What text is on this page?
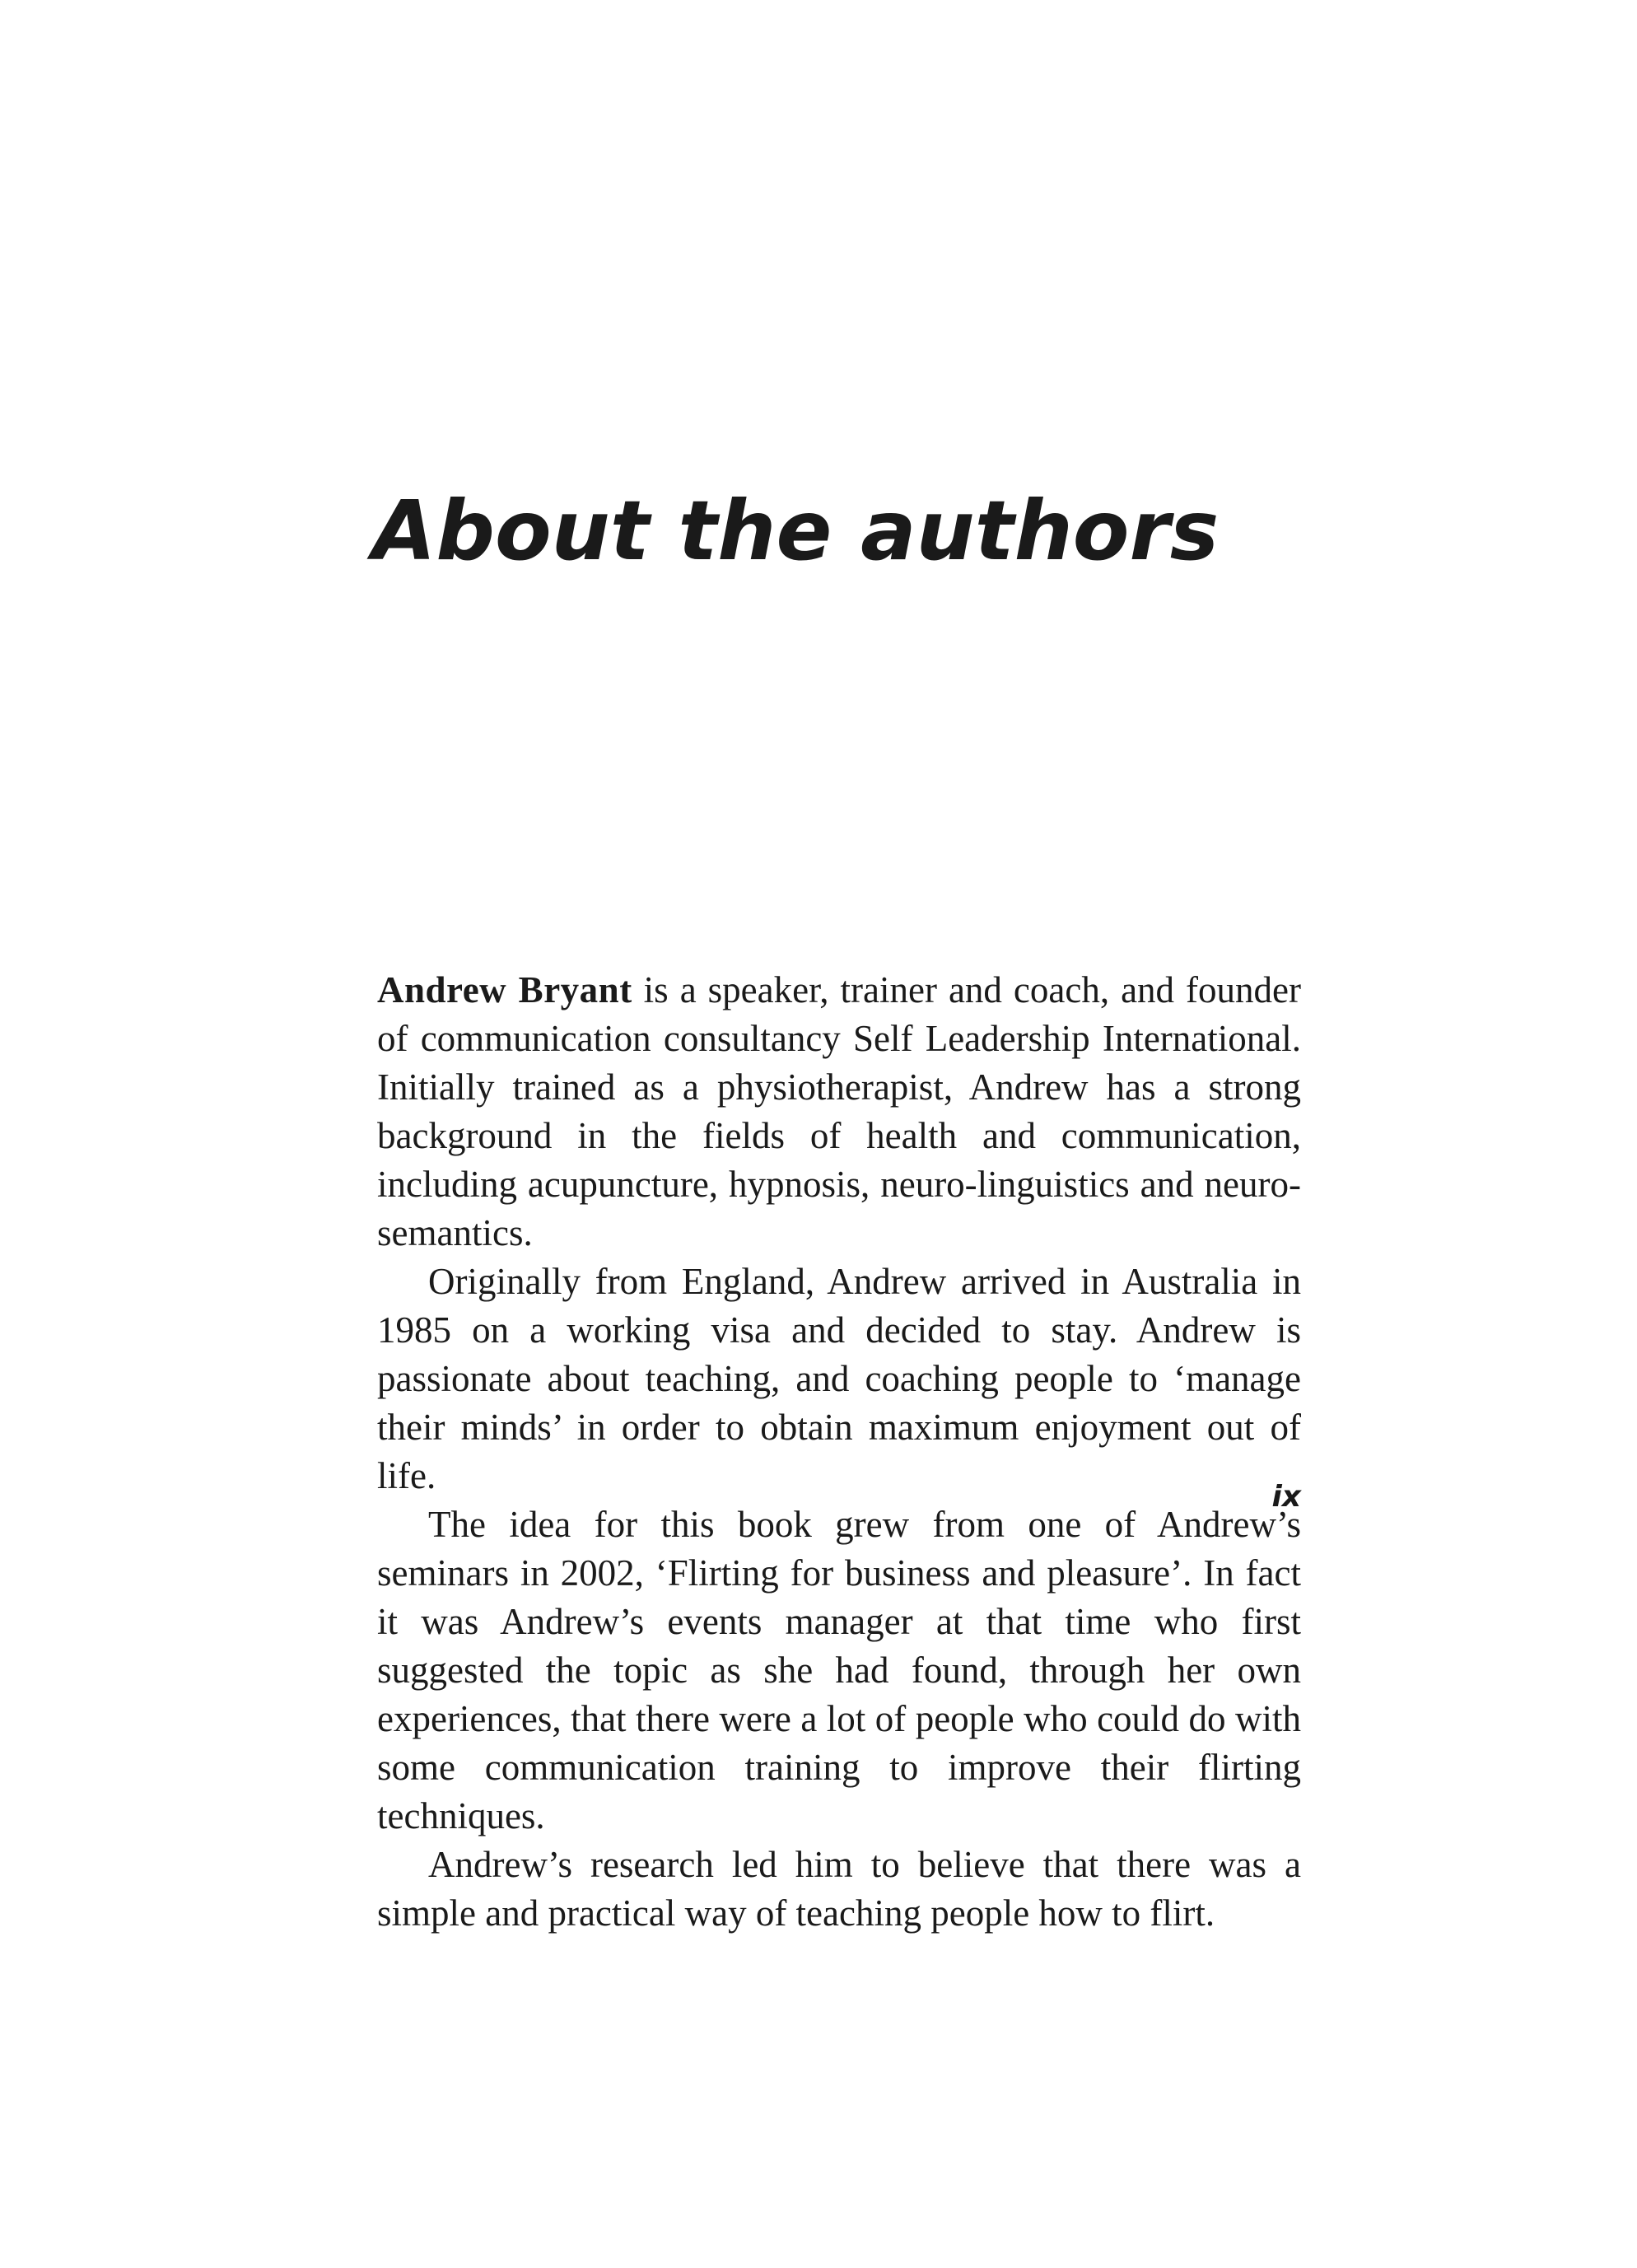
About the authors

Andrew Bryant is a speaker, trainer and coach, and founder of communication consultancy Self Leadership International. Initially trained as a physiotherapist, Andrew has a strong background in the fields of health and communication, including acupuncture, hypnosis, neuro-linguistics and neuro-semantics.

Originally from England, Andrew arrived in Australia in 1985 on a working visa and decided to stay. Andrew is passionate about teaching, and coaching people to ‘manage their minds’ in order to obtain maximum enjoyment out of life.

The idea for this book grew from one of Andrew’s seminars in 2002, ‘Flirting for business and pleasure’. In fact it was Andrew’s events manager at that time who first suggested the topic as she had found, through her own experiences, that there were a lot of people who could do with some communication training to improve their flirting techniques.

Andrew’s research led him to believe that there was a simple and practical way of teaching people how to flirt.

ix
